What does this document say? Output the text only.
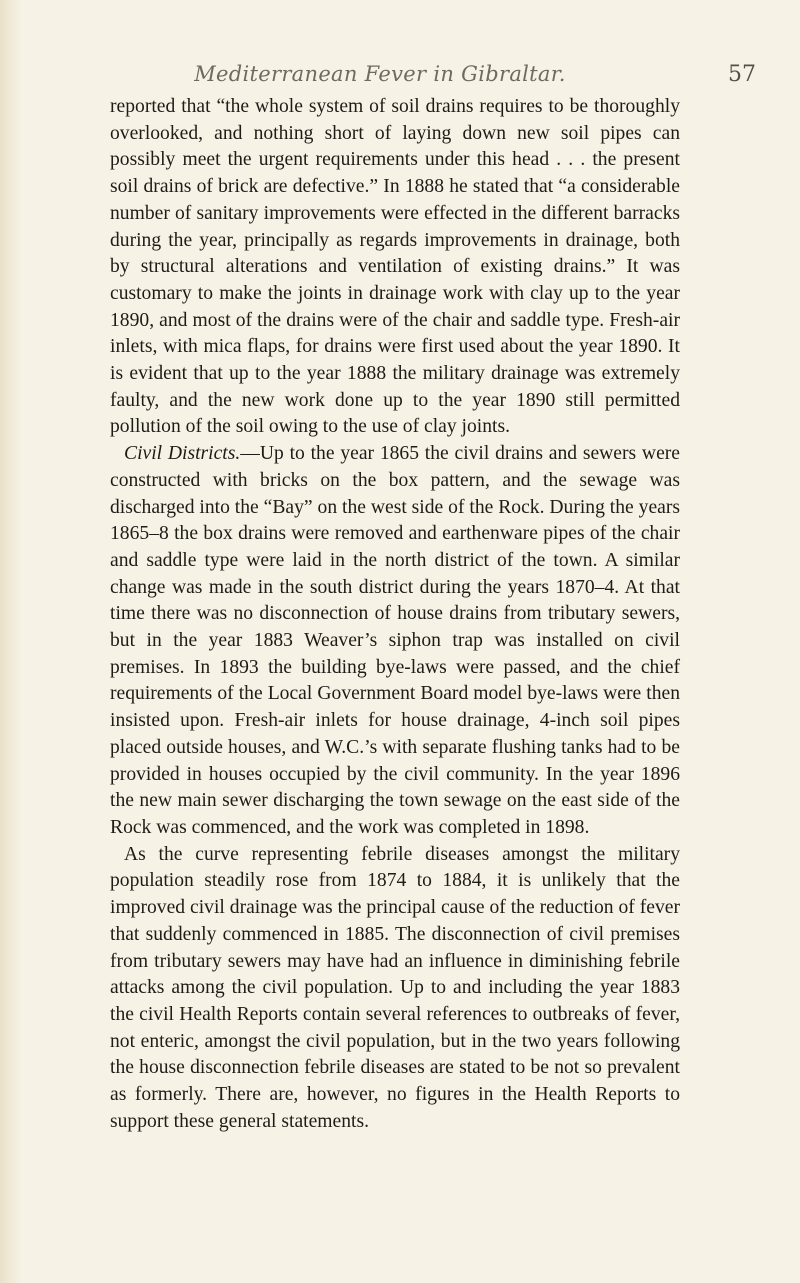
Mediterranean Fever in Gibraltar.	57

reported that “the whole system of soil drains requires to be thoroughly overlooked, and nothing short of laying down new soil pipes can possibly meet the urgent requirements under this head . . . the present soil drains of brick are defective.” In 1888 he stated that “a considerable number of sanitary improvements were effected in the different barracks during the year, principally as regards improvements in drainage, both by structural alterations and ventilation of existing drains.” It was customary to make the joints in drainage work with clay up to the year 1890, and most of the drains were of the chair and saddle type. Fresh-air inlets, with mica flaps, for drains were first used about the year 1890. It is evident that up to the year 1888 the military drainage was extremely faulty, and the new work done up to the year 1890 still permitted pollution of the soil owing to the use of clay joints.

Civil Districts.—Up to the year 1865 the civil drains and sewers were constructed with bricks on the box pattern, and the sewage was discharged into the “Bay” on the west side of the Rock. During the years 1865–8 the box drains were removed and earthenware pipes of the chair and saddle type were laid in the north district of the town. A similar change was made in the south district during the years 1870–4. At that time there was no disconnection of house drains from tributary sewers, but in the year 1883 Weaver’s siphon trap was installed on civil premises. In 1893 the building bye-laws were passed, and the chief requirements of the Local Government Board model bye-laws were then insisted upon. Fresh-air inlets for house drainage, 4-inch soil pipes placed outside houses, and W.C.’s with separate flushing tanks had to be provided in houses occupied by the civil community. In the year 1896 the new main sewer discharging the town sewage on the east side of the Rock was commenced, and the work was completed in 1898.

As the curve representing febrile diseases amongst the military population steadily rose from 1874 to 1884, it is unlikely that the improved civil drainage was the principal cause of the reduction of fever that suddenly commenced in 1885. The disconnection of civil premises from tributary sewers may have had an influence in diminishing febrile attacks among the civil population. Up to and including the year 1883 the civil Health Reports contain several references to outbreaks of fever, not enteric, amongst the civil population, but in the two years following the house disconnection febrile diseases are stated to be not so prevalent as formerly. There are, however, no figures in the Health Reports to support these general statements.
